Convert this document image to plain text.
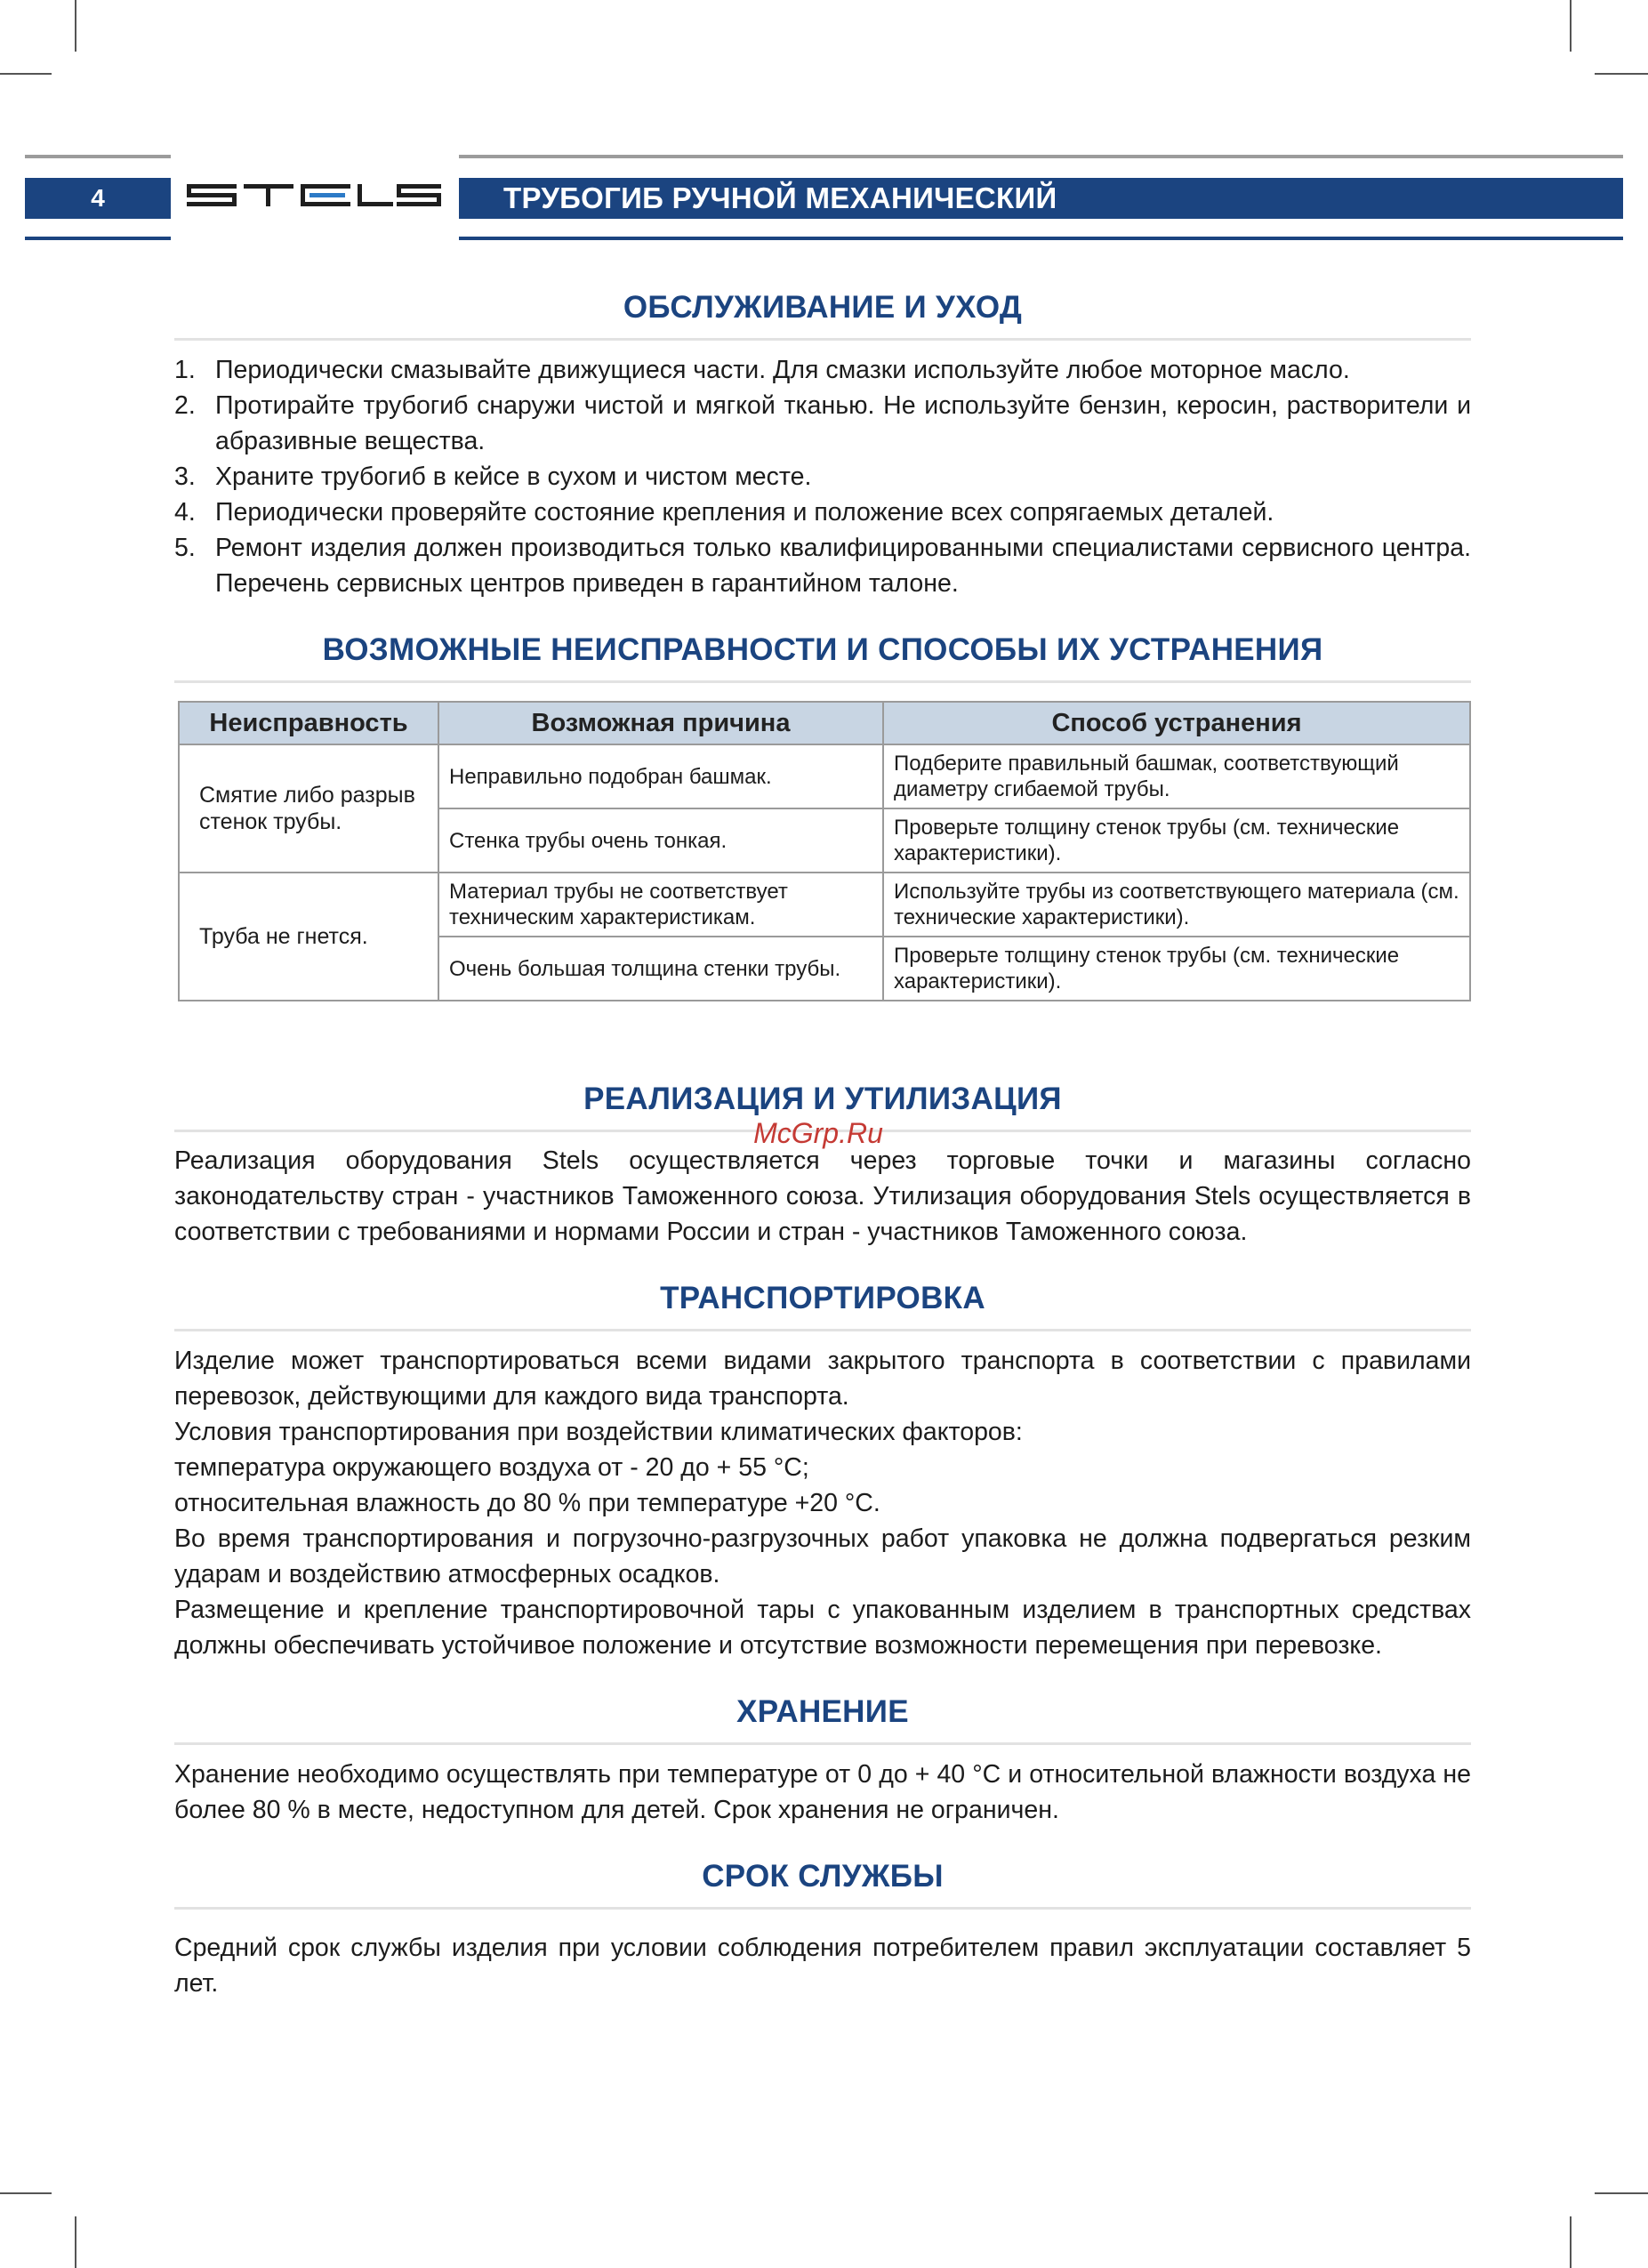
4	ТРУБОГИБ РУЧНОЙ МЕХАНИЧЕСКИЙ
ОБСЛУЖИВАНИЕ И УХОД
1. Периодически смазывайте движущиеся части. Для смазки используйте любое моторное масло.
2. Протирайте трубогиб снаружи чистой и мягкой тканью. Не используйте бензин, керосин, растворители и абразивные вещества.
3. Храните трубогиб в кейсе в сухом и чистом месте.
4. Периодически проверяйте состояние крепления и положение всех сопрягаемых деталей.
5. Ремонт изделия должен производиться только квалифицированными специалистами сервисного центра. Перечень сервисных центров приведен в гарантийном талоне.
ВОЗМОЖНЫЕ НЕИСПРАВНОСТИ И СПОСОБЫ ИХ УСТРАНЕНИЯ
Неисправность	Возможная причина	Способ устранения
Смятие либо разрыв стенок трубы.	Неправильно подобран башмак.	Подберите правильный башмак, соответствующий диаметру сгибаемой трубы.
	Стенка трубы очень тонкая.	Проверьте толщину стенок трубы (см. технические характеристики).
Труба не гнется.	Материал трубы не соответствует техническим характеристикам.	Используйте трубы из соответствующего материала (см. технические характеристики).
	Очень большая толщина стенки трубы.	Проверьте толщину стенок трубы (см. технические характеристики).
РЕАЛИЗАЦИЯ И УТИЛИЗАЦИЯ
Реализация оборудования Stels осуществляется через торговые точки и магазины согласно законодательству стран - участников Таможенного союза. Утилизация оборудования Stels осуществляется в соответствии с требованиями и нормами России и стран - участников Таможенного союза.
McGrp.Ru
ТРАНСПОРТИРОВКА

Изделие может транспортироваться всеми видами закрытого транспорта в соответствии с правилами перевозок, действующими для каждого вида транспорта.

Условия транспортирования при воздействии климатических факторов:

температура окружающего воздуха от - 20 до + 55 °С;

относительная влажность до 80 % при температуре +20 °С.

Во время транспортирования и погрузочно-разгрузочных работ упаковка не должна подвергаться резким ударам и воздействию атмосферных осадков.

Размещение и крепление транспортировочной тары с упакованным изделием в транспортных средствах должны обеспечивать устойчивое положение и отсутствие возможности перемещения при перевозке.

ХРАНЕНИЕ
Хранение необходимо осуществлять при температуре от 0 до + 40 °С и относительной влажности воздуха не более 80 % в месте, недоступном для детей. Срок хранения не ограничен.
СРОК СЛУЖБЫ
Средний срок службы изделия при условии соблюдения потребителем правил эксплуатации составляет 5 лет.
